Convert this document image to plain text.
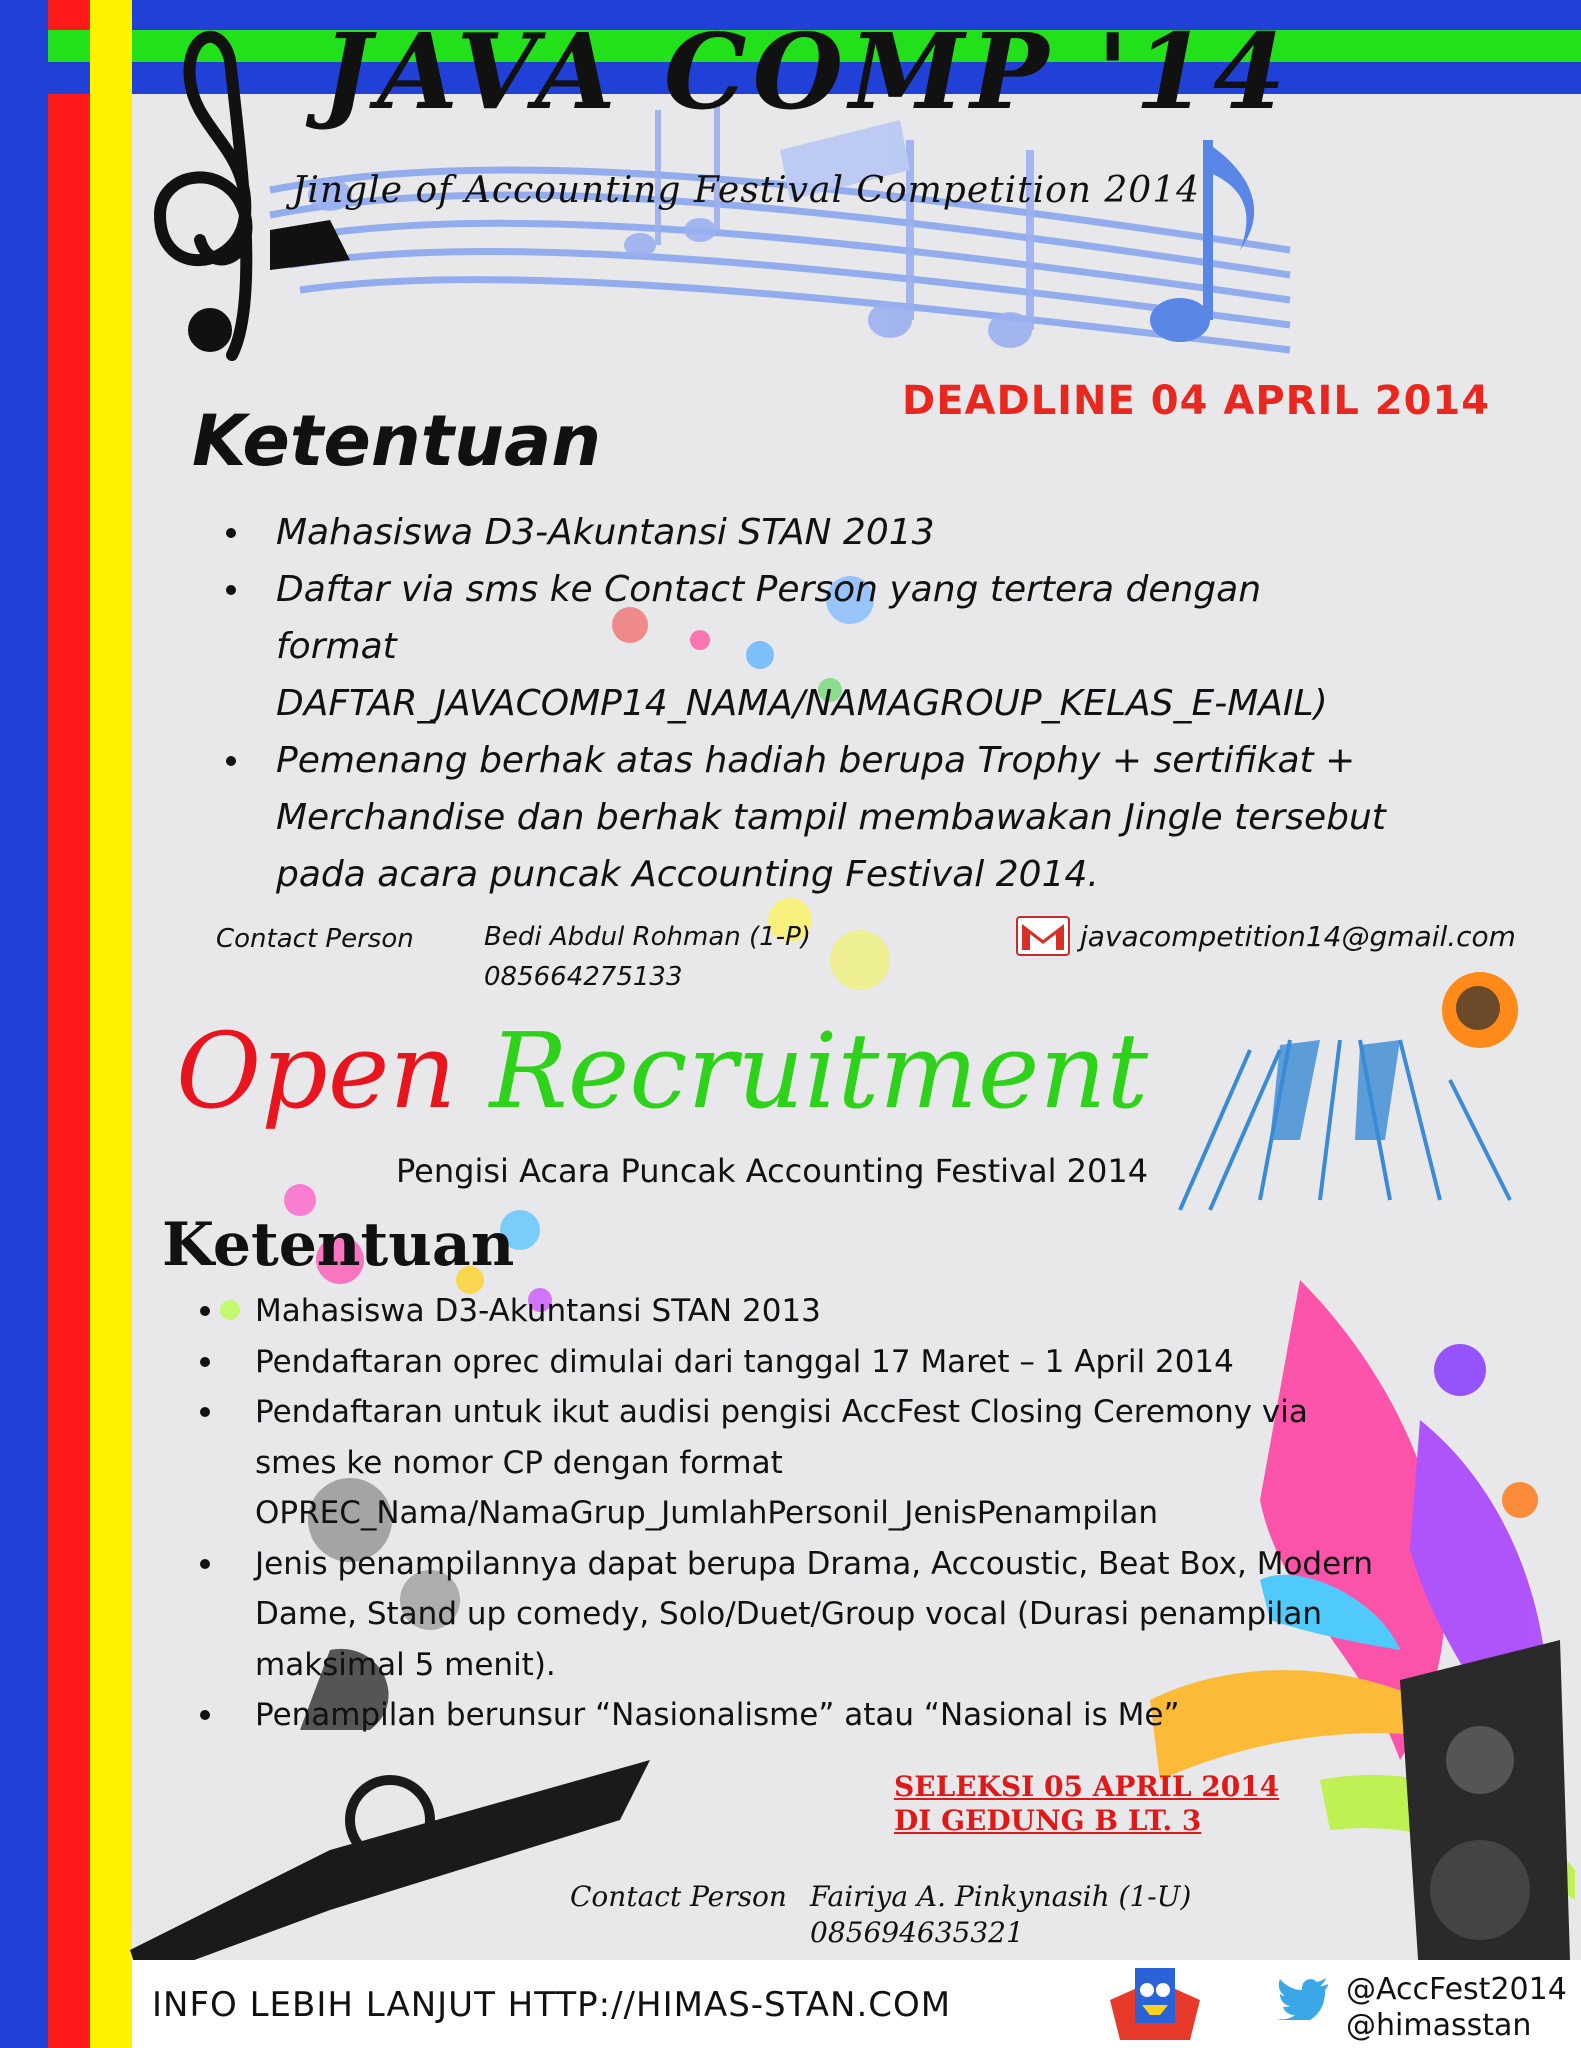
JAVA COMP '14
Jingle of Accounting Festival Competition 2014
DEADLINE 04 APRIL 2014
Ketentuan
Mahasiswa D3-Akuntansi STAN 2013
Daftar via sms ke Contact Person yang tertera dengan
format
DAFTAR_JAVACOMP14_NAMA/NAMAGROUP_KELAS_E-MAIL)
Pemenang berhak atas hadiah berupa Trophy + sertifikat +
Merchandise dan berhak tampil membawakan Jingle tersebut
pada acara puncak Accounting Festival 2014.
Contact Person	Bedi Abdul Rohman (1-P)
085664275133
javacompetition14@gmail.com
Open Recruitment
Pengisi Acara Puncak Accounting Festival 2014
Ketentuan
Mahasiswa D3-Akuntansi STAN 2013
Pendaftaran oprec dimulai dari tanggal 17 Maret – 1 April 2014
Pendaftaran untuk ikut audisi pengisi AccFest Closing Ceremony via
smes ke nomor CP dengan format
OPREC_Nama/NamaGrup_JumlahPersonil_JenisPenampilan
Jenis penampilannya dapat berupa Drama, Accoustic, Beat Box, Modern
Dame, Stand up comedy, Solo/Duet/Group vocal (Durasi penampilan
maksimal 5 menit).
Penampilan berunsur “Nasionalisme” atau “Nasional is Me”
SELEKSI 05 APRIL 2014
DI GEDUNG B LT. 3
Contact Person Fairiya A. Pinkynasih (1-U)
085694635321
INFO LEBIH LANJUT HTTP://HIMAS-STAN.COM	@AccFest2014
@himasstan
